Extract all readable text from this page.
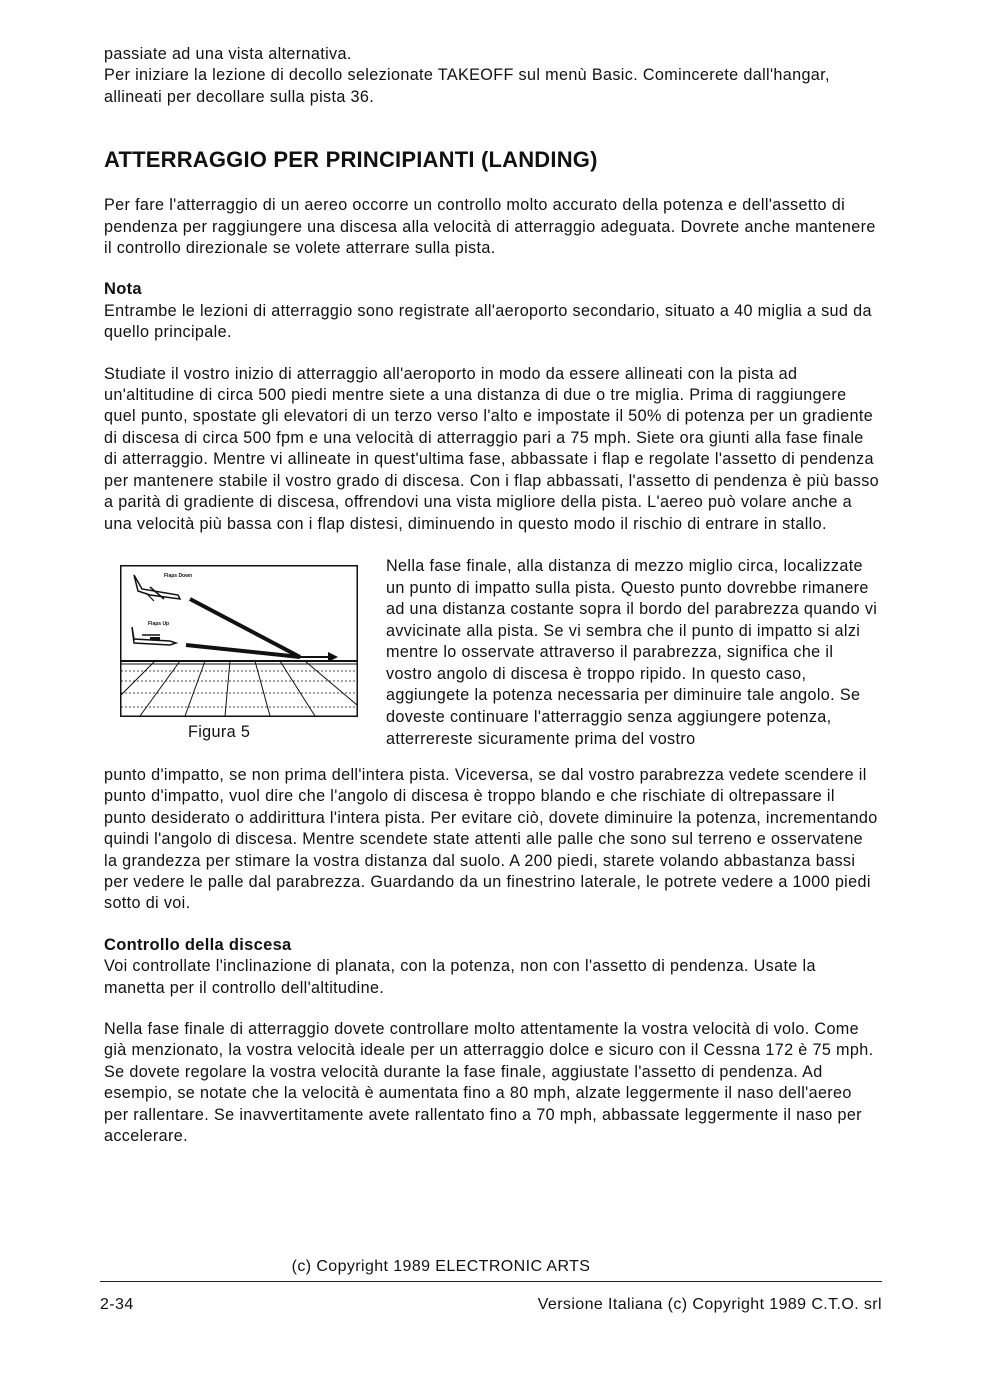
passiate ad una vista alternativa.

Per iniziare la lezione di decollo selezionate TAKEOFF sul menù Basic. Comincerete dall'hangar, allineati per decollare sulla pista 36.

ATTERRAGGIO PER PRINCIPIANTI (LANDING)

Per fare l'atterraggio di un aereo occorre un controllo molto accurato della potenza e dell'assetto di pendenza per raggiungere una discesa alla velocità di atterraggio adeguata. Dovrete anche mantenere il controllo direzionale se volete atterrare sulla pista.

Nota

Entrambe le lezioni di atterraggio sono registrate all'aeroporto secondario, situato a 40 miglia a sud da quello principale.

Studiate il vostro inizio di atterraggio all'aeroporto in modo da essere allineati con la pista ad un'altitudine di circa 500 piedi mentre siete a una distanza di due o tre miglia. Prima di raggiungere quel punto, spostate gli elevatori di un terzo verso l'alto e impostate il 50% di potenza per un gradiente di discesa di circa 500 fpm e una velocità di atterraggio pari a 75 mph. Siete ora giunti alla fase finale di atterraggio. Mentre vi allineate in quest'ultima fase, abbassate i flap e regolate l'assetto di pendenza per mantenere stabile il vostro grado di discesa. Con i flap abbassati, l'assetto di pendenza è più basso a parità di gradiente di discesa, offrendovi una vista migliore della pista. L'aereo può volare anche a una velocità più bassa con i flap distesi, diminuendo in questo modo il rischio di entrare in stallo.

Flaps Down
Flaps Up
Figura 5

Nella fase finale, alla distanza di mezzo miglio circa, localizzate un punto di impatto sulla pista. Questo punto dovrebbe rimanere ad una distanza costante sopra il bordo del parabrezza quando vi avvicinate alla pista. Se vi sembra che il punto di impatto si alzi mentre lo osservate attraverso il parabrezza, significa che il vostro angolo di discesa è troppo ripido. In questo caso, aggiungete la potenza necessaria per diminuire tale angolo. Se doveste continuare l'atterraggio senza aggiungere potenza, atterrereste sicuramente prima del vostro

punto d'impatto, se non prima dell'intera pista. Viceversa, se dal vostro parabrezza vedete scendere il punto d'impatto, vuol dire che l'angolo di discesa è troppo blando e che rischiate di oltrepassare il punto desiderato o addirittura l'intera pista. Per evitare ciò, dovete diminuire la potenza, incrementando quindi l'angolo di discesa. Mentre scendete state attenti alle palle che sono sul terreno e osservatene la grandezza per stimare la vostra distanza dal suolo. A 200 piedi, starete volando abbastanza bassi per vedere le palle dal parabrezza. Guardando da un finestrino laterale, le potrete vedere a 1000 piedi sotto di voi.

Controllo della discesa

Voi controllate l'inclinazione di planata, con la potenza, non con l'assetto di pendenza. Usate la manetta per il controllo dell'altitudine.

Nella fase finale di atterraggio dovete controllare molto attentamente la vostra velocità di volo. Come già menzionato, la vostra velocità ideale per un atterraggio dolce e sicuro con il Cessna 172 è 75 mph. Se dovete regolare la vostra velocità durante la fase finale, aggiustate l'assetto di pendenza. Ad esempio, se notate che la velocità è aumentata fino a 80 mph, alzate leggermente il naso dell'aereo per rallentare. Se inavvertitamente avete rallentato fino a 70 mph, abbassate leggermente il naso per accelerare.

(c) Copyright 1989 ELECTRONIC ARTS
2-34	Versione Italiana (c) Copyright 1989 C.T.O. srl
